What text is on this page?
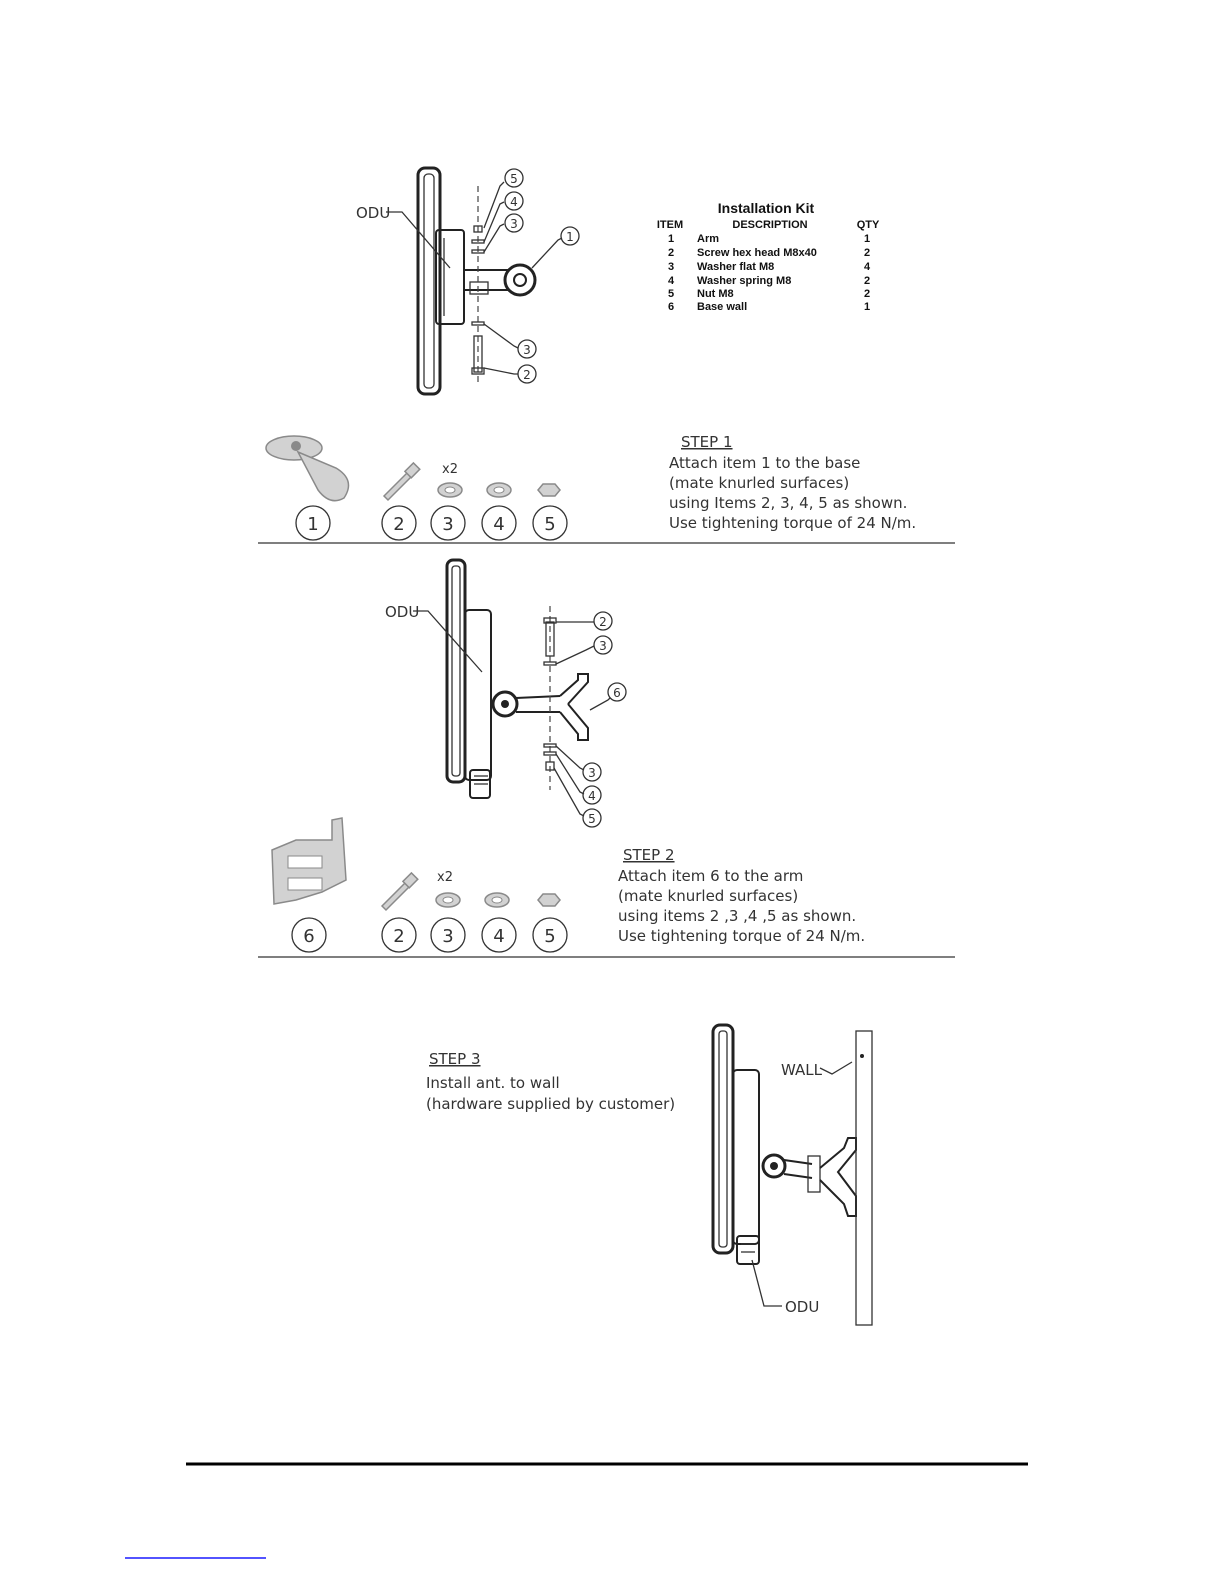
ODU
5
4
3
1
3
2
Installation Kit
ITEM	DESCRIPTION	QTY
1 Arm	1
2 Screw hex head M8x40	2
3 Washer flat M8	4
4 Washer spring M8	2
5 Nut M8	2
6 Base wall	1
x2
1	2 3 4 5
STEP 1
Attach item 1 to the base
(mate knurled surfaces)
using Items 2, 3, 4, 5 as shown.
Use tightening torque of 24 N/m.
ODU
2
3
6
3
4
5
x2
6	2 3 4 5
STEP 2
Attach item 6 to the arm
(mate knurled surfaces)
using items 2 ,3 ,4 ,5 as shown.
Use tightening torque of 24 N/m.
STEP 3
Install ant. to wall
(hardware supplied by customer)
WALL
ODU
